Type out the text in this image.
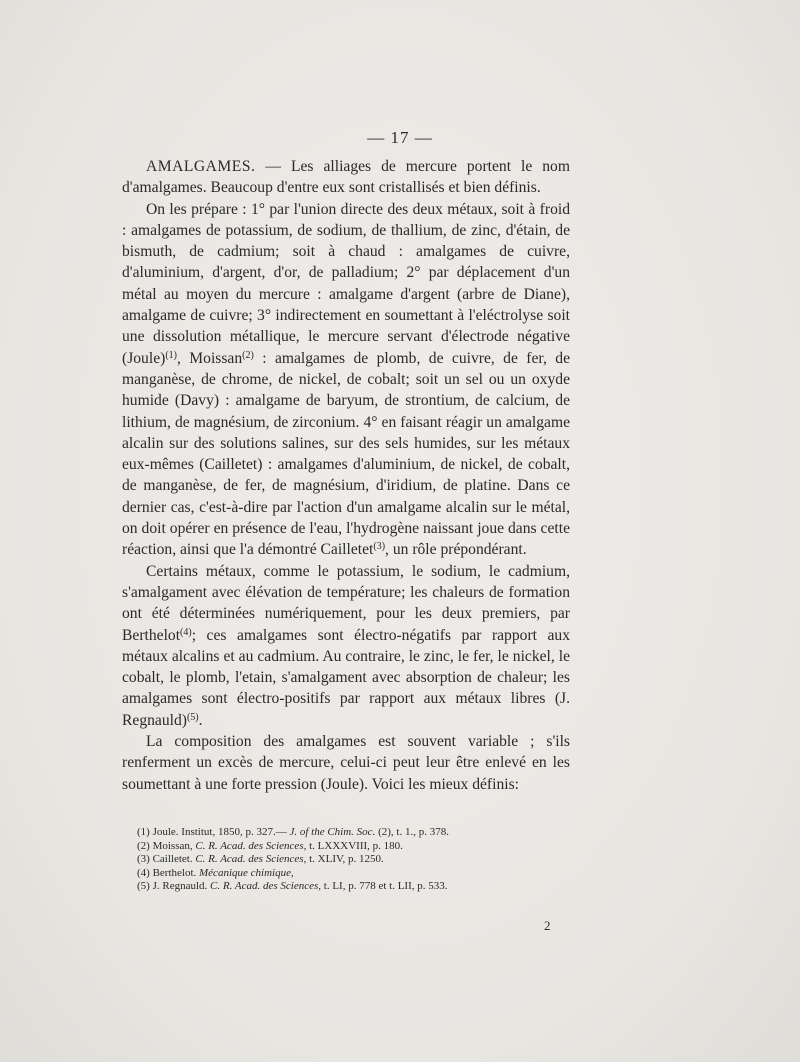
— 17 —

AMALGAMES. — Les alliages de mercure portent le nom d'amalgames. Beaucoup d'entre eux sont cristallisés et bien définis.

On les prépare : 1° par l'union directe des deux métaux, soit à froid : amalgames de potassium, de sodium, de thallium, de zinc, d'étain, de bismuth, de cadmium; soit à chaud : amalgames de cuivre, d'aluminium, d'argent, d'or, de palladium; 2° par déplacement d'un métal au moyen du mercure : amalgame d'argent (arbre de Diane), amalgame de cuivre; 3° indirectement en soumettant à l'eléctrolyse soit une dissolution métallique, le mercure servant d'électrode négative (Joule)$^{(1)}$, Moissan$^{(2)}$ : amalgames de plomb, de cuivre, de fer, de manganèse, de chrome, de nickel, de cobalt; soit un sel ou un oxyde humide (Davy) : amalgame de baryum, de strontium, de calcium, de lithium, de magnésium, de zirconium. 4° en faisant réagir un amalgame alcalin sur des solutions salines, sur des sels humides, sur les métaux eux-mêmes (Cailletet) : amalgames d'aluminium, de nickel, de cobalt, de manganèse, de fer, de magnésium, d'iridium, de platine. Dans ce dernier cas, c'est-à-dire par l'action d'un amalgame alcalin sur le métal, on doit opérer en présence de l'eau, l'hydrogène naissant joue dans cette réaction, ainsi que l'a démontré Cailletet$^{(3)}$, un rôle prépondérant.

Certains métaux, comme le potassium, le sodium, le cadmium, s'amalgament avec élévation de température; les chaleurs de formation ont été déterminées numériquement, pour les deux premiers, par Berthelot$^{(4)}$; ces amalgames sont électro-négatifs par rapport aux métaux alcalins et au cadmium. Au contraire, le zinc, le fer, le nickel, le cobalt, le plomb, l'etain, s'amalgament avec absorption de chaleur; les amalgames sont électro-positifs par rapport aux métaux libres (J. Regnauld)$^{(5)}$.

La composition des amalgames est souvent variable ; s'ils renferment un excès de mercure, celui-ci peut leur être enlevé en les soumettant à une forte pression (Joule). Voici les mieux définis:

(1) Joule. Institut, 1850, p. 327.— J. of the Chim. Soc. (2), t. 1., p. 378.

(2) Moissan, C. R. Acad. des Sciences, t. LXXXVIII, p. 180.

(3) Cailletet. C. R. Acad. des Sciences, t. XLIV, p. 1250.

(4) Berthelot. Mécanique chimique,

(5) J. Regnauld. C. R. Acad. des Sciences, t. LI, p. 778 et t. LII, p. 533.

2
